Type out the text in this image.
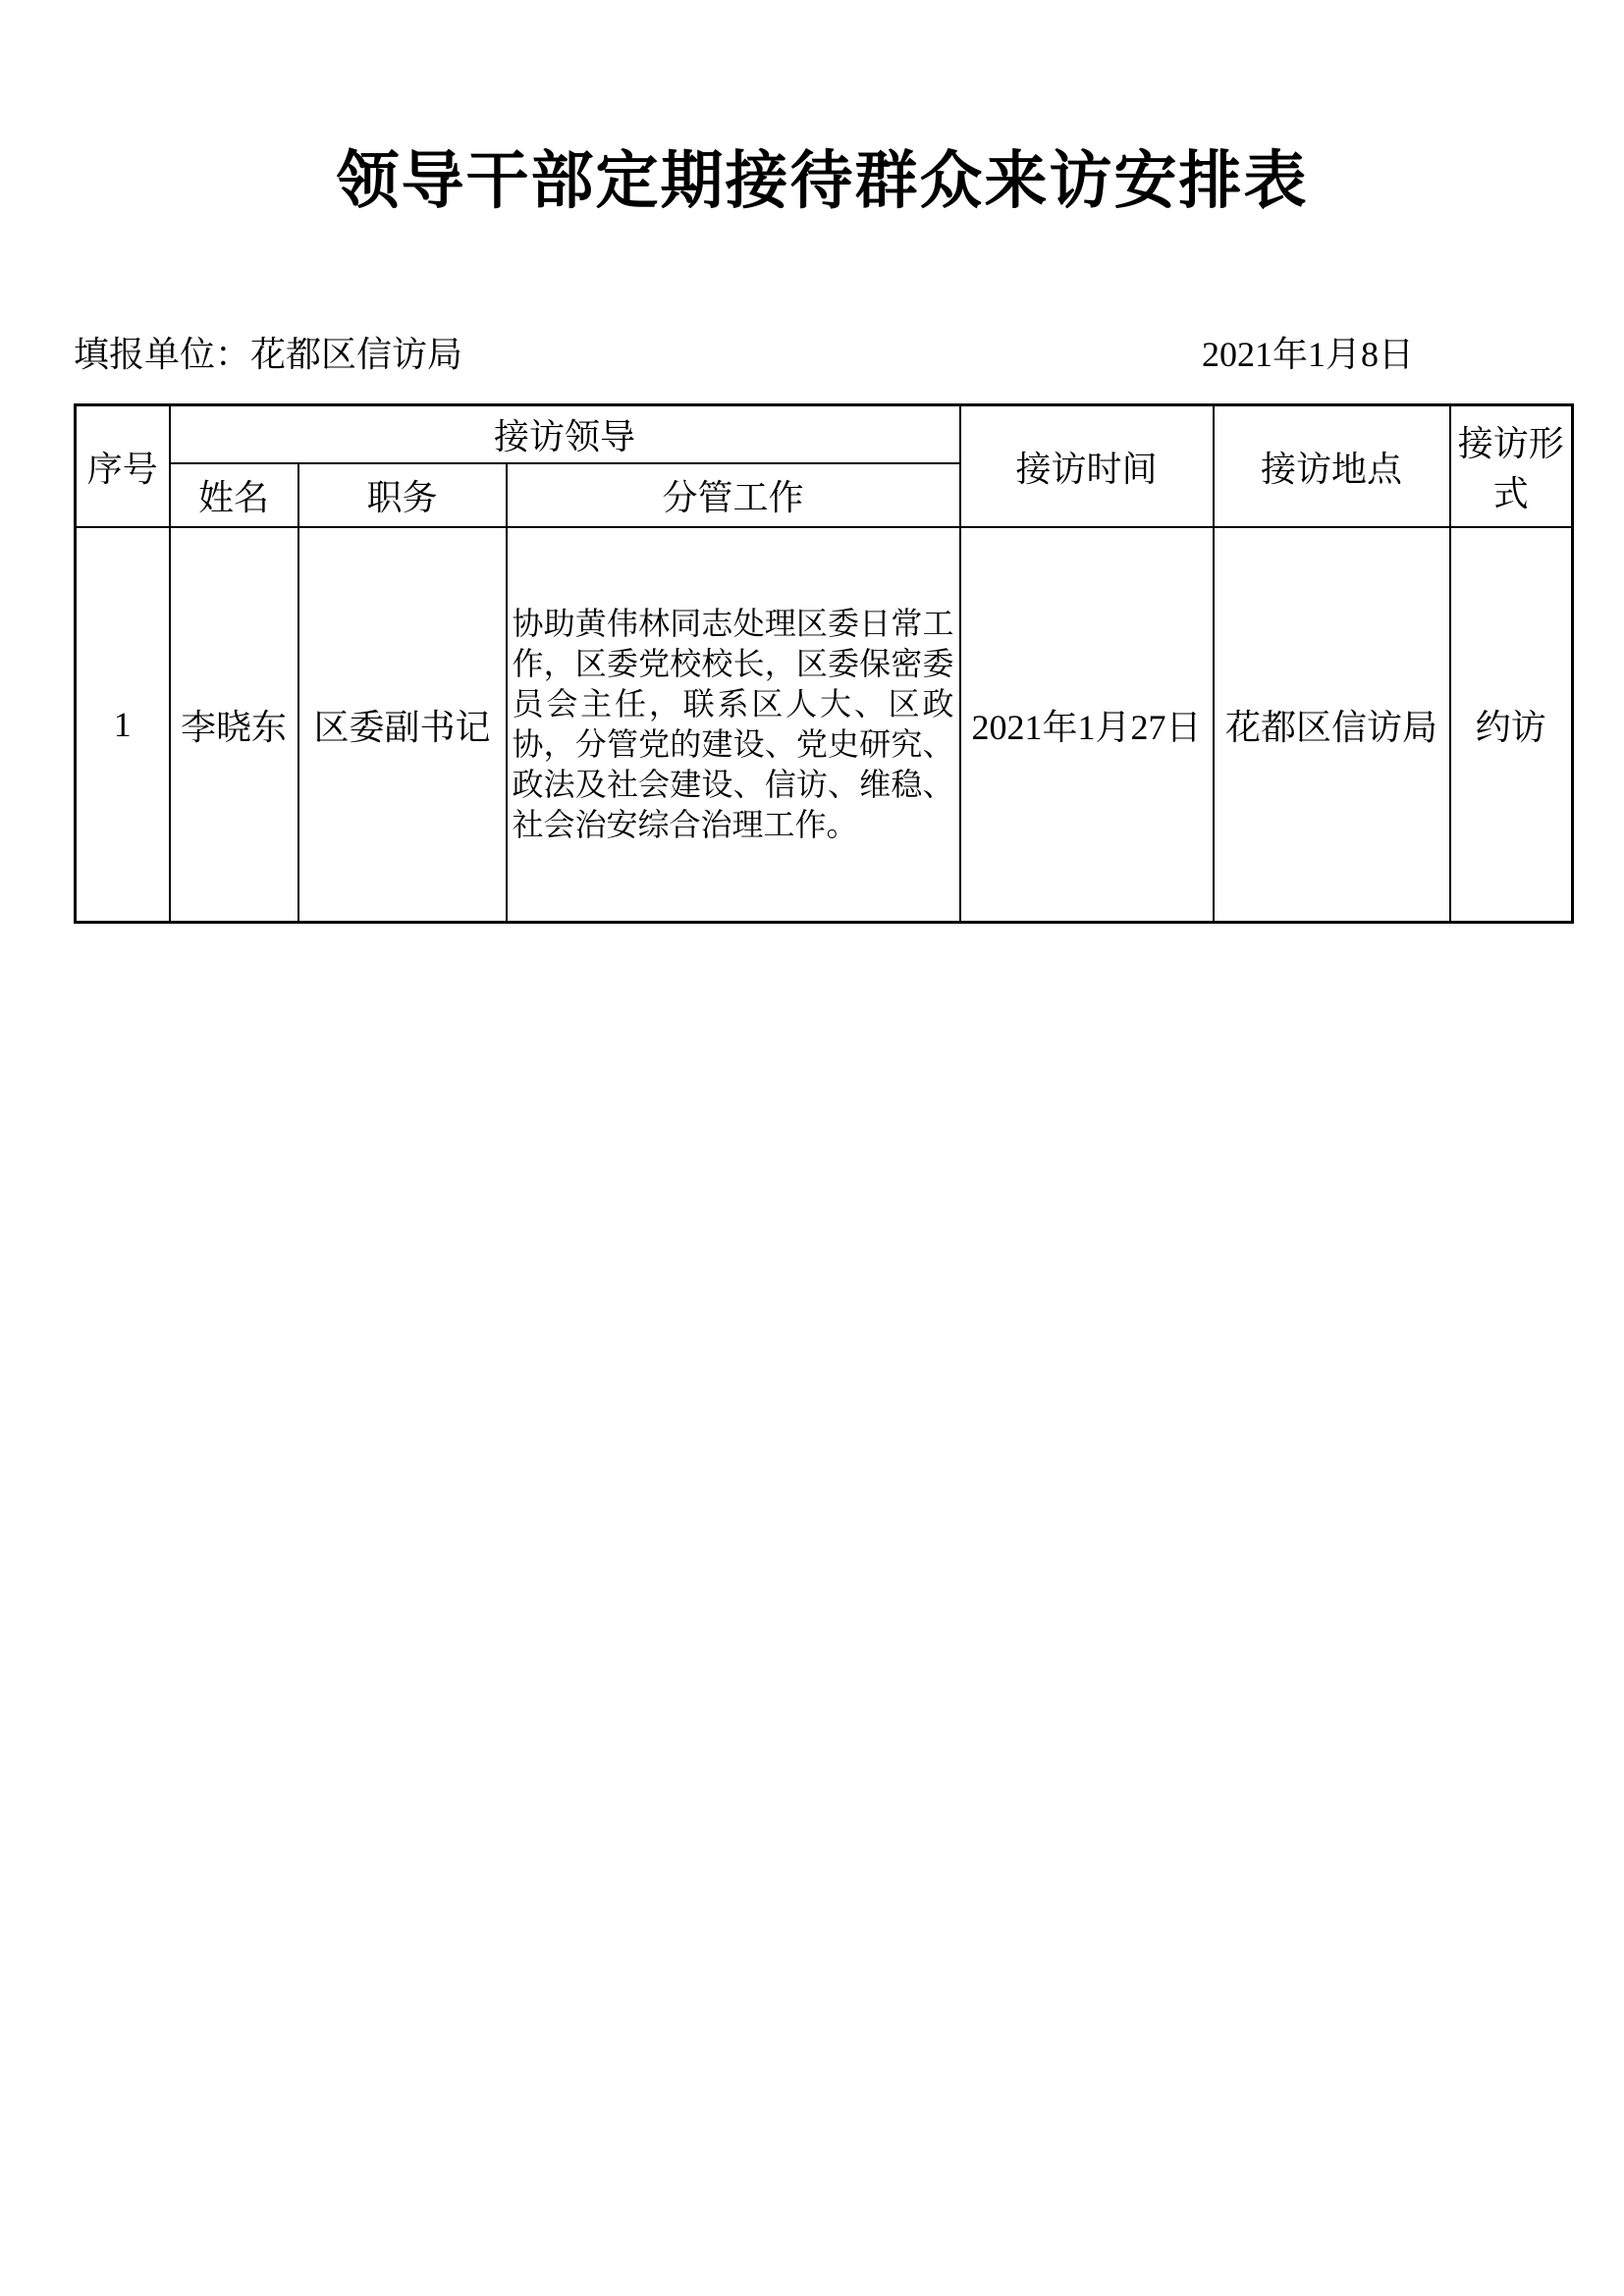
领导干部定期接待群众来访安排表
填报单位：花都区信访局	2021年1月8日
序号	接访领导			接访时间	接访地点	接访形式
	姓名	职务	分管工作			
1	李晓东	区委副书记	协助黄伟林同志处理区委日常工作，区委党校校长，区委保密委员会主任，联系区人大、区政协，分管党的建设、党史研究、政法及社会建设、信访、维稳、社会治安综合治理工作。	2021年1月27日	花都区信访局	约访
